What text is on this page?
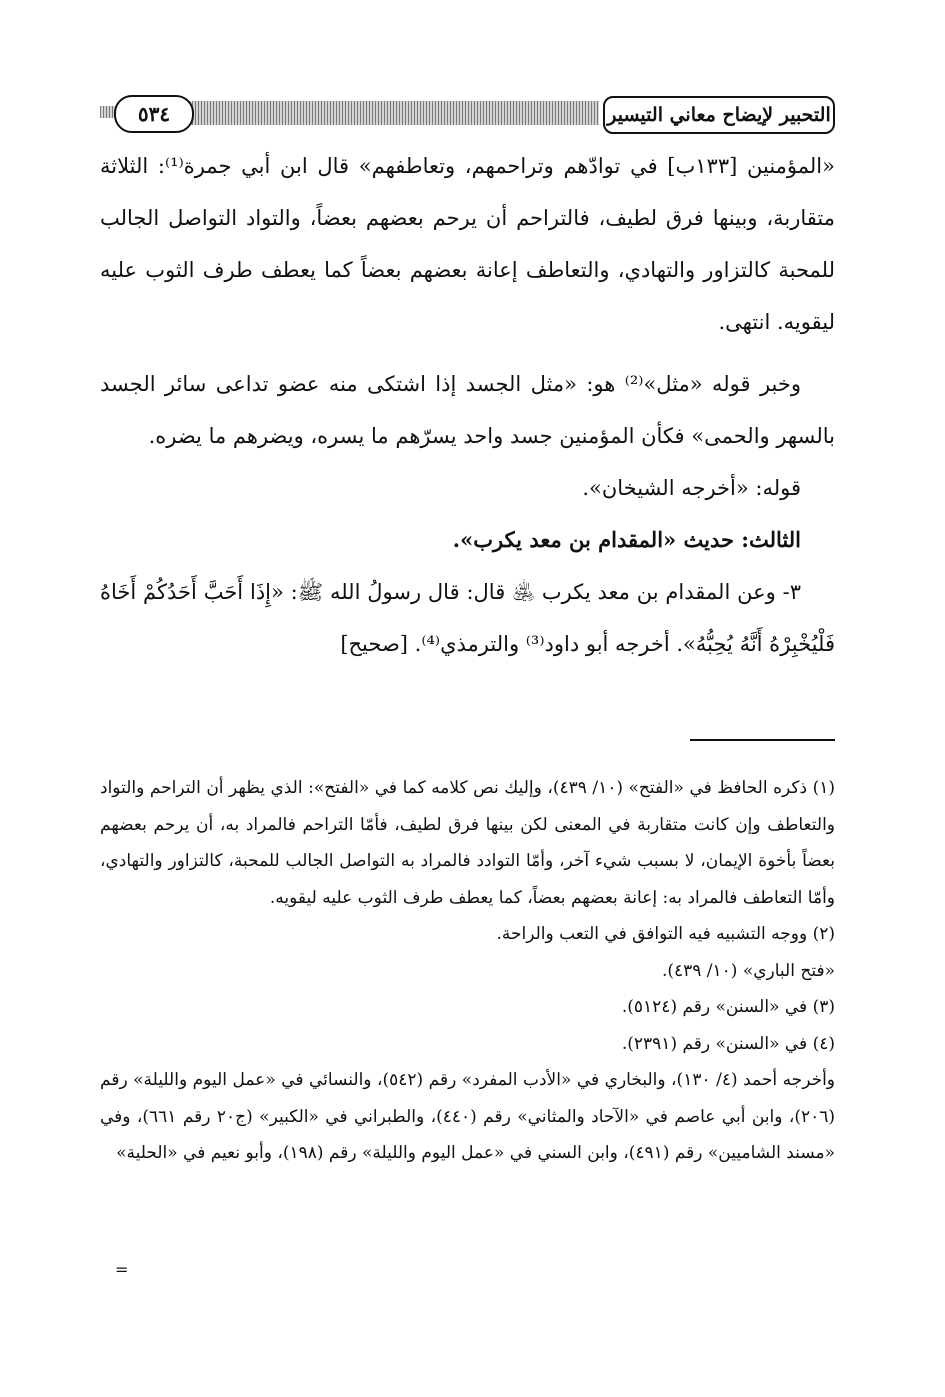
التحبير لإيضاح معاني التيسير
٥٣٤

«المؤمنين [١٣٣ب] في توادّهم وتراحمهم، وتعاطفهم» قال ابن أبي جمرة⁽¹⁾: الثلاثة متقاربة، وبينها فرق لطيف، فالتراحم أن يرحم بعضهم بعضاً، والتواد التواصل الجالب للمحبة كالتزاور والتهادي، والتعاطف إعانة بعضهم بعضاً كما يعطف طرف الثوب عليه ليقويه. انتهى.

وخبر قوله «مثل»⁽²⁾ هو: «مثل الجسد إذا اشتكى منه عضو تداعى سائر الجسد بالسهر والحمى» فكأن المؤمنين جسد واحد يسرّهم ما يسره، ويضرهم ما يضره.

قوله: «أخرجه الشيخان».

الثالث: حديث «المقدام بن معد يكرب».

٣- وعن المقدام بن معد يكرب ﵁ قال: قال رسولُ الله ﷺ: «إِذَا أَحَبَّ أَحَدُكُمْ أَخَاهُ فَلْيُخْبِرْهُ أَنَّهُ يُحِبُّهُ». أخرجه أبو داود⁽³⁾ والترمذي⁽⁴⁾. [صحيح]

(١) ذكره الحافظ في «الفتح» (١٠/ ٤٣٩)، وإليك نص كلامه كما في «الفتح»: الذي يظهر أن التراحم والتواد والتعاطف وإن كانت متقاربة في المعنى لكن بينها فرق لطيف، فأمّا التراحم فالمراد به، أن يرحم بعضهم بعضاً بأخوة الإيمان، لا بسبب شيء آخر، وأمّا التوادد فالمراد به التواصل الجالب للمحبة، كالتزاور والتهادي، وأمّا التعاطف فالمراد به: إعانة بعضهم بعضاً، كما يعطف طرف الثوب عليه ليقويه.

(٢) ووجه التشبيه فيه التوافق في التعب والراحة.

«فتح الباري» (١٠/ ٤٣٩).

(٣) في «السنن» رقم (٥١٢٤).

(٤) في «السنن» رقم (٢٣٩١).

وأخرجه أحمد (٤/ ١٣٠)، والبخاري في «الأدب المفرد» رقم (٥٤٢)، والنسائي في «عمل اليوم والليلة» رقم (٢٠٦)، وابن أبي عاصم في «الآحاد والمثاني» رقم (٤٤٠)، والطبراني في «الكبير» (ج٢٠ رقم ٦٦١)، وفي «مسند الشاميين» رقم (٤٩١)، وابن السني في «عمل اليوم والليلة» رقم (١٩٨)، وأبو نعيم في «الحلية»

=
